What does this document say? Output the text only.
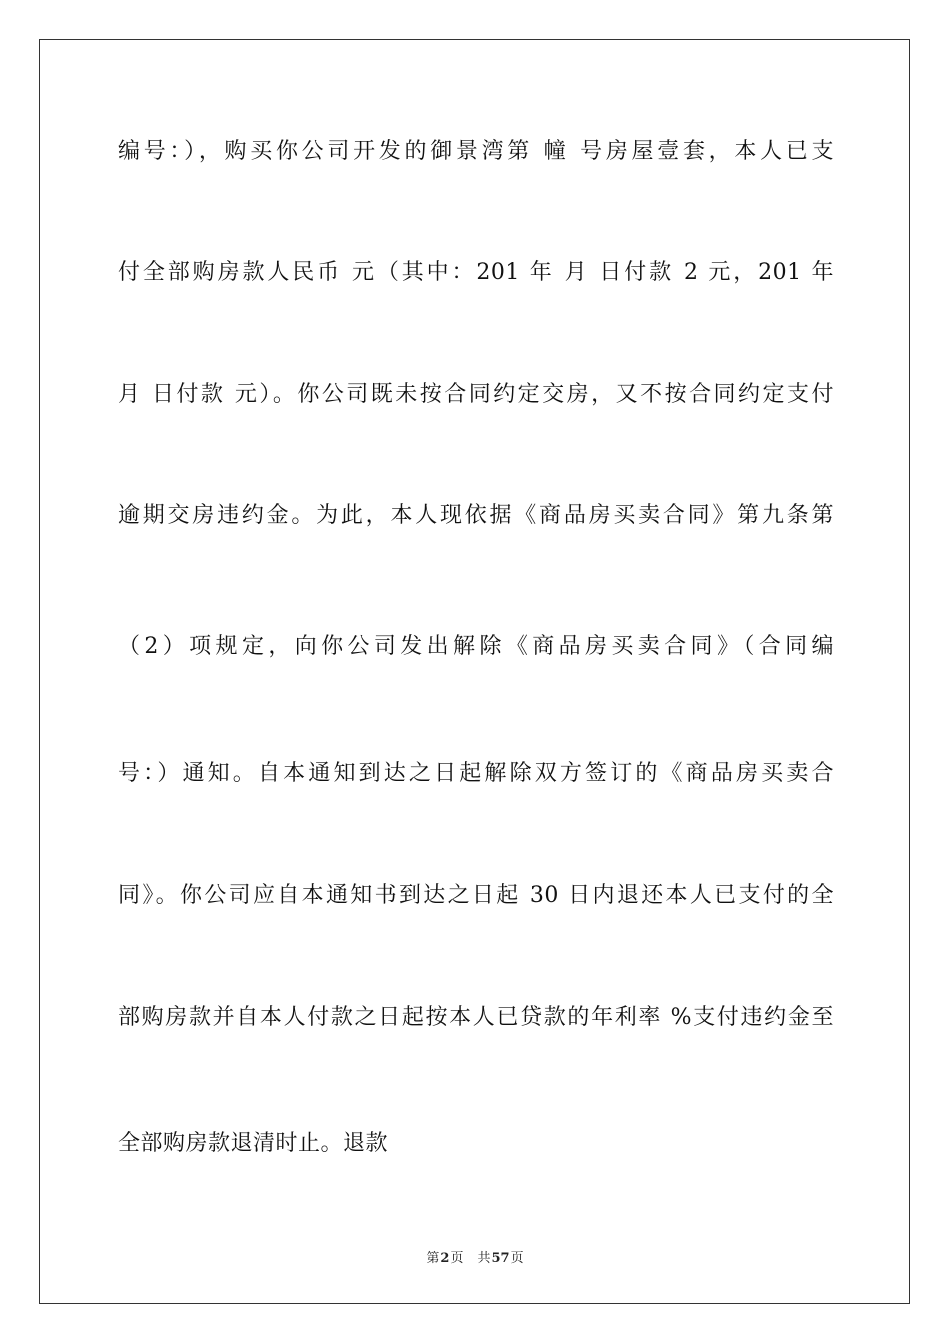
编号：），购买你公司开发的御景湾第 幢 号房屋壹套，本人已支
付全部购房款人民币 元（其中：201 年 月 日付款 2 元，201 年
月 日付款 元）。你公司既未按合同约定交房，又不按合同约定支付
逾期交房违约金。为此，本人现依据《商品房买卖合同》第九条第
（2）项规定，向你公司发出解除《商品房买卖合同》（合同编
号：）通知。自本通知到达之日起解除双方签订的《商品房买卖合
同》。你公司应自本通知书到达之日起 30 日内退还本人已支付的全
部购房款并自本人付款之日起按本人已贷款的年利率 %支付违约金至
全部购房款退清时止。退款
第2页 共57页
